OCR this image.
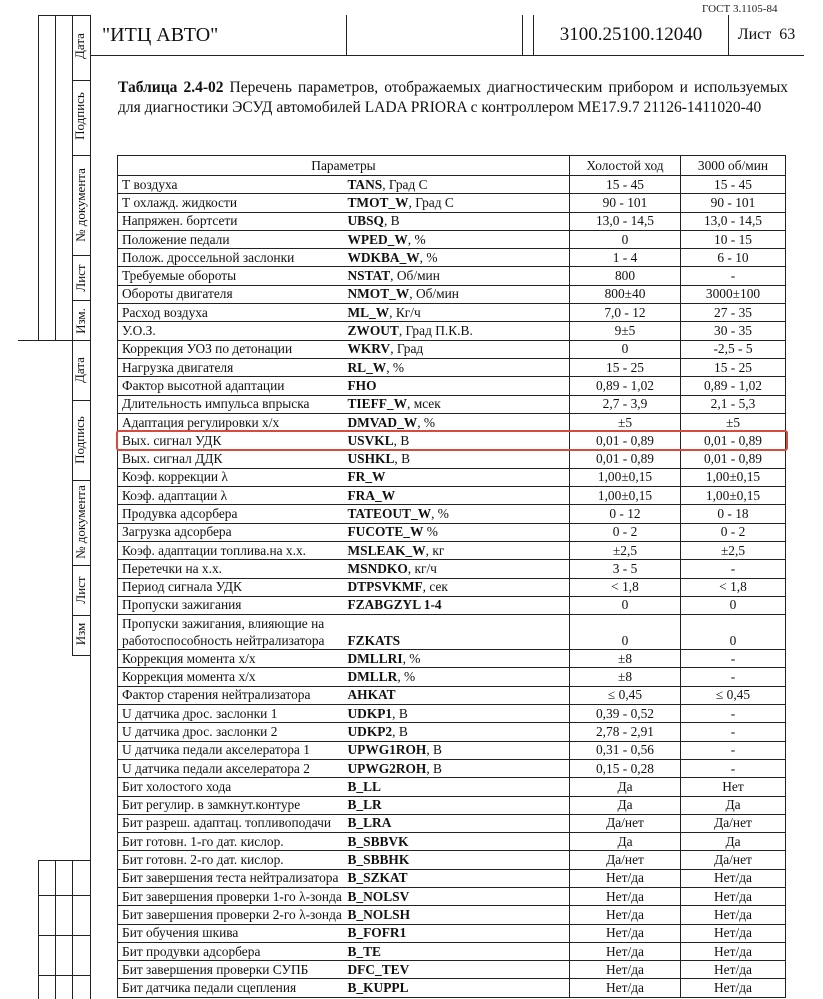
ГОСТ 3.1105-84
Дата
Подпись
№ документа
Лист
Изм.
Дата
Подпись
№ документа
Лист
Изм
"ИТЦ АВТО"	3100.25100.12040	Лист 63
Таблица 2.4-02 Перечень параметров, отображаемых диагностическим прибором и используемых для диагностики ЭСУД автомобилей LADA PRIORA с контроллером ME17.9.7 21126-1411020-40
Параметры		Холостой ход	3000 об/мин
Т воздуха	TANS, Град С	15 - 45	15 - 45
Т охлажд. жидкости	TMOT_W, Град С	90 - 101	90 - 101
Напряжен. бортсети	UBSQ, В	13,0 - 14,5	13,0 - 14,5
Положение педали	WPED_W, %	0	10 - 15
Полож. дроссельной заслонки	WDKBA_W, %	1 - 4	6 - 10
Требуемые обороты	NSTAT, Об/мин	800	-
Обороты двигателя	NMOT_W, Об/мин	800±40	3000±100
Расход воздуха	ML_W, Кг/ч	7,0 - 12	27 - 35
У.О.З.	ZWOUT, Град П.К.В.	9±5	30 - 35
Коррекция УОЗ по детонации	WKRV, Град	0	-2,5 - 5
Нагрузка двигателя	RL_W, %	15 - 25	15 - 25
Фактор высотной адаптации	FHO	0,89 - 1,02	0,89 - 1,02
Длительность импульса впрыска	TIEFF_W, мсек	2,7 - 3,9	2,1 - 5,3
Адаптация регулировки х/х	DMVAD_W, %	±5	±5
Вых. сигнал УДК	USVKL, В	0,01 - 0,89	0,01 - 0,89
Вых. сигнал ДДК	USHKL, В	0,01 - 0,89	0,01 - 0,89
Коэф. коррекции λ	FR_W	1,00±0,15	1,00±0,15
Коэф. адаптации λ	FRA_W	1,00±0,15	1,00±0,15
Продувка адсорбера	TATEOUT_W, %	0 - 12	0 - 18
Загрузка адсорбера	FUCOTE_W %	0 - 2	0 - 2
Коэф. адаптации топлива.на х.х.	MSLEAK_W, кг	±2,5	±2,5
Перетечки на х.х.	MSNDKO, кг/ч	3 - 5	-
Период сигнала УДК	DTPSVKMF, сек	< 1,8	< 1,8
Пропуски зажигания	FZABGZYL 1-4	0	0
Пропуски зажигания, влияющие на работоспособность нейтрализатора	FZKATS	0	0
Коррекция момента х/х	DMLLRI, %	±8	-
Коррекция момента х/х	DMLLR, %	±8	-
Фактор старения нейтрализатора	AHKAT	≤ 0,45	≤ 0,45
U датчика дрос. заслонки 1	UDKP1, В	0,39 - 0,52	-
U датчика дрос. заслонки 2	UDKP2, В	2,78 - 2,91	-
U датчика педали акселератора 1	UPWG1ROH, В	0,31 - 0,56	-
U датчика педали акселератора 2	UPWG2ROH, В	0,15 - 0,28	-
Бит холостого хода	B_LL	Да	Нет
Бит регулир. в замкнут.контуре	B_LR	Да	Да
Бит разреш. адаптац. топливоподачи	B_LRA	Да/нет	Да/нет
Бит готовн. 1-го дат. кислор.	B_SBBVK	Да	Да
Бит готовн. 2-го дат. кислор.	B_SBBHK	Да/нет	Да/нет
Бит завершения теста нейтрализатора	B_SZKAT	Нет/да	Нет/да
Бит завершения проверки 1-го λ-зонда	B_NOLSV	Нет/да	Нет/да
Бит завершения проверки 2-го λ-зонда	B_NOLSH	Нет/да	Нет/да
Бит обучения шкива	B_FOFR1	Нет/да	Нет/да
Бит продувки адсорбера	B_TE	Нет/да	Нет/да
Бит завершения проверки СУПБ	DFC_TEV	Нет/да	Нет/да
Бит датчика педали сцепления	B_KUPPL	Нет/да	Нет/да
